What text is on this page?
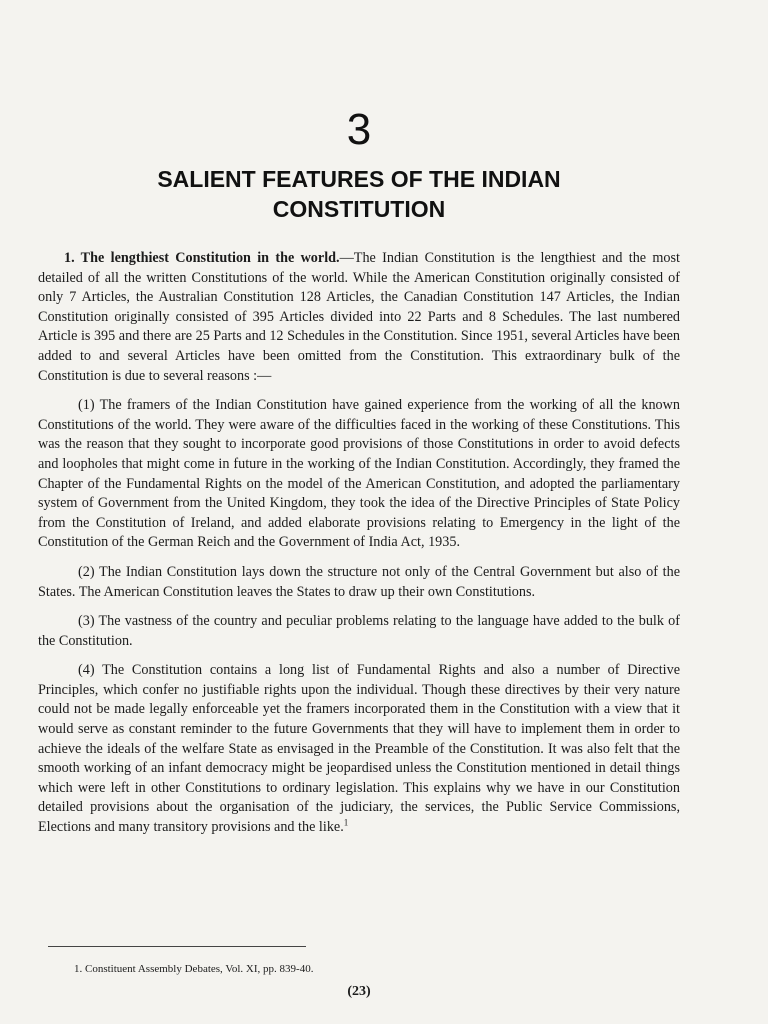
3
SALIENT FEATURES OF THE INDIAN CONSTITUTION

1. The lengthiest Constitution in the world.—The Indian Constitution is the lengthiest and the most detailed of all the written Constitutions of the world. While the American Constitution originally consisted of only 7 Articles, the Australian Constitution 128 Articles, the Canadian Constitution 147 Articles, the Indian Constitution originally consisted of 395 Articles divided into 22 Parts and 8 Schedules. The last numbered Article is 395 and there are 25 Parts and 12 Schedules in the Constitution. Since 1951, several Articles have been added to and several Articles have been omitted from the Constitution. This extraordinary bulk of the Constitution is due to several reasons :—

(1) The framers of the Indian Constitution have gained experience from the working of all the known Constitutions of the world. They were aware of the difficulties faced in the working of these Constitutions. This was the reason that they sought to incorporate good provisions of those Constitutions in order to avoid defects and loopholes that might come in future in the working of the Indian Constitution. Accordingly, they framed the Chapter of the Fundamental Rights on the model of the American Constitution, and adopted the parliamentary system of Government from the United Kingdom, they took the idea of the Directive Principles of State Policy from the Constitution of Ireland, and added elaborate provisions relating to Emergency in the light of the Constitution of the German Reich and the Government of India Act, 1935.

(2) The Indian Constitution lays down the structure not only of the Central Government but also of the States. The American Constitution leaves the States to draw up their own Constitutions.

(3) The vastness of the country and peculiar problems relating to the language have added to the bulk of the Constitution.

(4) The Constitution contains a long list of Fundamental Rights and also a number of Directive Principles, which confer no justifiable rights upon the individual. Though these directives by their very nature could not be made legally enforceable yet the framers incorporated them in the Constitution with a view that it would serve as constant reminder to the future Governments that they will have to implement them in order to achieve the ideals of the welfare State as envisaged in the Preamble of the Constitution. It was also felt that the smooth working of an infant democracy might be jeopardised unless the Constitution mentioned in detail things which were left in other Constitutions to ordinary legislation. This explains why we have in our Constitution detailed provisions about the organisation of the judiciary, the services, the Public Service Commissions, Elections and many transitory provisions and the like.$^1$

1. Constituent Assembly Debates, Vol. XI, pp. 839-40.
(23)
